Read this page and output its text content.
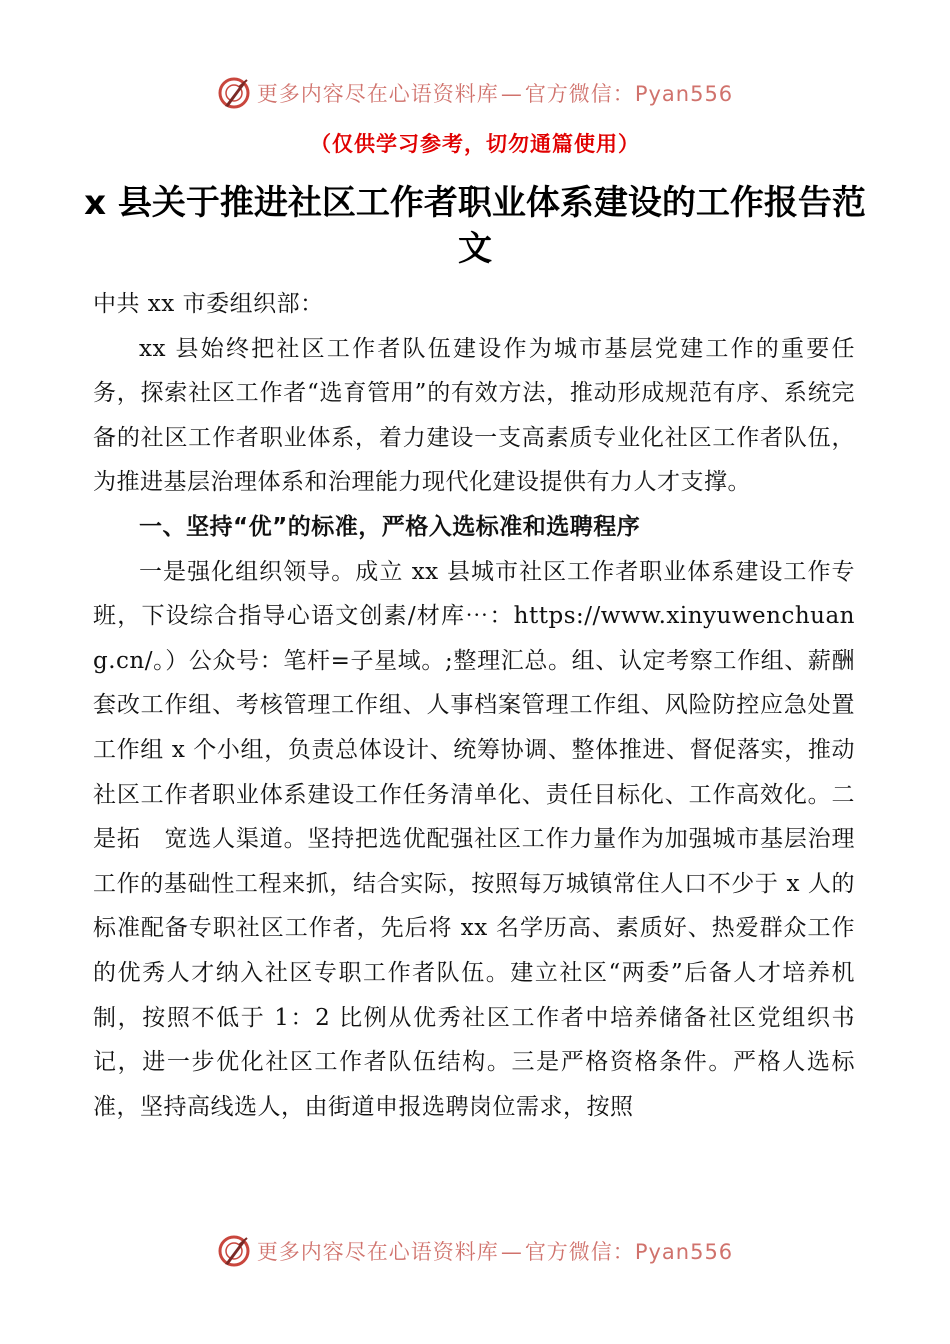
更多内容尽在心语资料库—官方微信：Pyan556
（仅供学习参考，切勿通篇使用）
x 县关于推进社区工作者职业体系建设的工作报告范文

中共 xx 市委组织部：

xx 县始终把社区工作者队伍建设作为城市基层党建工作的重要任务，探索社区工作者“选育管用”的有效方法，推动形成规范有序、系统完备的社区工作者职业体系，着力建设一支高素质专业化社区工作者队伍，为推进基层治理体系和治理能力现代化建设提供有力人才支撑。

一、坚持“优”的标准，严格入选标准和选聘程序

一是强化组织领导。成立 xx 县城市社区工作者职业体系建设工作专班，下设综合指导心语文创素/材库⋯：https://www.xinyuwenchuang.cn/。）公众号：笔杆=子星域。;整理汇总。组、认定考察工作组、薪酬套改工作组、考核管理工作组、人事档案管理工作组、风险防控应急处置工作组 x 个小组，负责总体设计、统筹协调、整体推进、督促落实，推动社区工作者职业体系建设工作任务清单化、责任目标化、工作高效化。二是拓　宽选人渠道。坚持把选优配强社区工作力量作为加强城市基层治理工作的基础性工程来抓，结合实际，按照每万城镇常住人口不少于 x 人的标准配备专职社区工作者，先后将 xx 名学历高、素质好、热爱群众工作的优秀人才纳入社区专职工作者队伍。建立社区“两委”后备人才培养机制，按照不低于 1：2 比例从优秀社区工作者中培养储备社区党组织书记，进一步优化社区工作者队伍结构。三是严格资格条件。严格人选标准，坚持高线选人，由街道申报选聘岗位需求，按照

更多内容尽在心语资料库—官方微信：Pyan556
